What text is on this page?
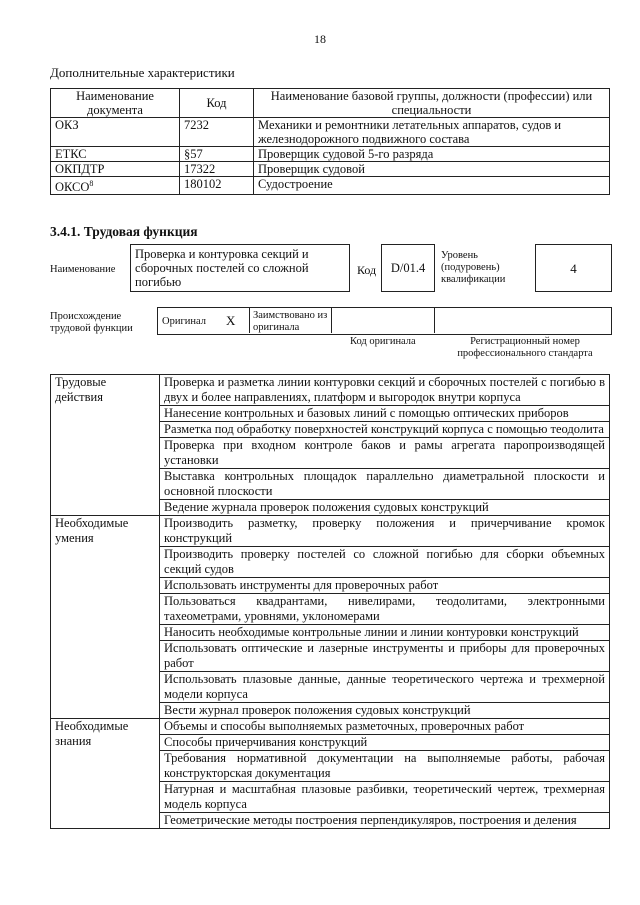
18
Дополнительные характеристики
Наименование документа	Код	Наименование базовой группы, должности (профессии) или специальности
ОКЗ	7232	Механики и ремонтники летательных аппаратов, судов и железнодорожного подвижного состава
ЕТКС	§57	Проверщик судовой 5-го разряда
ОКПДТР	17322	Проверщик судовой
ОКСО$^8$	180102	Судостроение
3.4.1. Трудовая функция
Наименование
Проверка и контуровка секций и сборочных постелей со сложной погибью
Код	D/01.4
Уровень (подуровень) квалификации
4
Происхождение трудовой функции
Оригинал X Заимствовано из оригинала
Код оригинала	Регистрационный номер профессионального стандарта
Трудовые действия	Проверка и разметка линии контуровки секций и сборочных постелей с погибью в двух и более направлениях, платформ и выгородок внутри корпуса
	Нанесение контрольных и базовых линий с помощью оптических приборов
	Разметка под обработку поверхностей конструкций корпуса с помощью теодолита
	Проверка при входном контроле баков и рамы агрегата паропроизводящей установки
	Выставка контрольных площадок параллельно диаметральной плоскости и основной плоскости
	Ведение журнала проверок положения судовых конструкций
Необходимые умения	Производить разметку, проверку положения и причерчивание кромок конструкций
	Производить проверку постелей со сложной погибью для сборки объемных секций судов
	Использовать инструменты для проверочных работ
	Пользоваться квадрантами, нивелирами, теодолитами, электронными тахеометрами, уровнями, уклономерами
	Наносить необходимые контрольные линии и линии контуровки конструкций
	Использовать оптические и лазерные инструменты и приборы для проверочных работ
	Использовать плазовые данные, данные теоретического чертежа и трехмерной модели корпуса
	Вести журнал проверок положения судовых конструкций
Необходимые знания	Объемы и способы выполняемых разметочных, проверочных работ
	Способы причерчивания конструкций
	Требования нормативной документации на выполняемые работы, рабочая конструкторская документация
	Натурная и масштабная плазовые разбивки, теоретический чертеж, трехмерная модель корпуса
	Геометрические методы построения перпендикуляров, построения и деления
